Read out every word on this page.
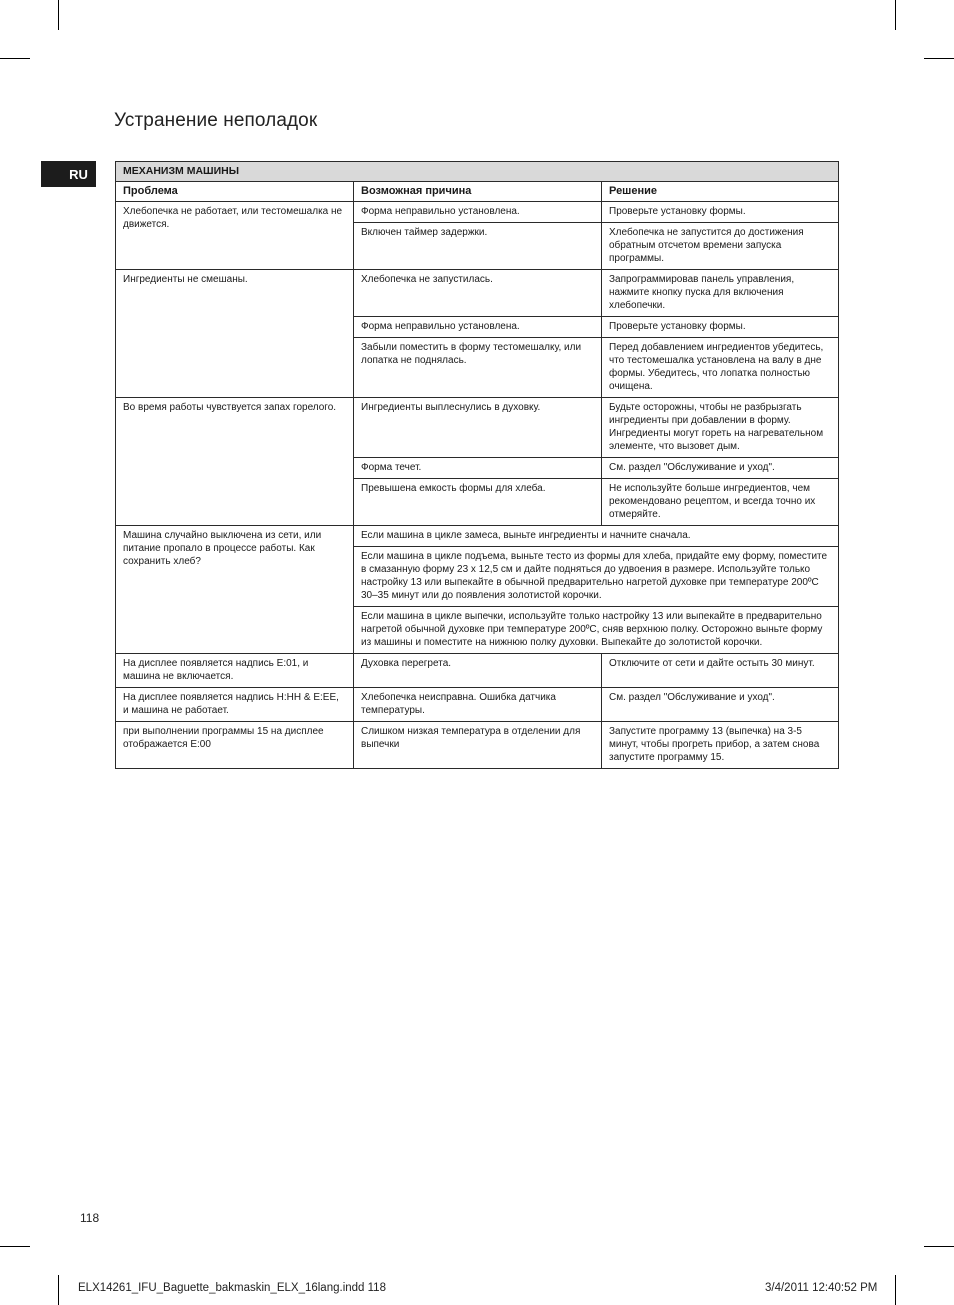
Устранение неполадок
RU	МЕХАНИЗМ МАШИНЫ		
Проблема	Возможная причина	Решение
Хлебопечка не работает, или тестомешалка не движется.	Форма неправильно установлена.	Проверьте установку формы.
	Включен таймер задержки.	Хлебопечка не запустится до достижения обратным отсчетом времени запуска программы.
Ингредиенты не смешаны.	Хлебопечка не запустилась.	Запрограммировав панель управления, нажмите кнопку пуска для включения хлебопечки.
	Форма неправильно установлена.	Проверьте установку формы.
	Забыли поместить в форму тестомешалку, или лопатка не поднялась.	Перед добавлением ингредиентов убедитесь, что тестомешалка установлена на валу в дне формы. Убедитесь, что лопатка полностью очищена.
Во время работы чувствуется запах горелого.	Ингредиенты выплеснулись в духовку.	Будьте осторожны, чтобы не разбрызгать ингредиенты при добавлении в форму. Ингредиенты могут гореть на нагревательном элементе, что вызовет дым.
	Форма течет.	См. раздел "Обслуживание и уход".
	Превышена емкость формы для хлеба.	Не используйте больше ингредиентов, чем рекомендовано рецептом, и всегда точно их отмеряйте.
Машина случайно выключена из сети, или питание пропало в процессе работы. Как сохранить хлеб?	Если машина в цикле замеса, выньте ингредиенты и начните сначала.	
	Если машина в цикле подъема, выньте тесто из формы для хлеба, придайте ему форму, поместите в смазанную форму 23 x 12,5 см и дайте подняться до удвоения в размере. Используйте только настройку 13 или выпекайте в обычной предварительно нагретой духовке при температуре 200ºC 30–35 минут или до появления золотистой корочки.	
	Если машина в цикле выпечки, используйте только настройку 13 или выпекайте в предварительно нагретой обычной духовке при температуре 200ºC, сняв верхнюю полку. Осторожно выньте форму из машины и поместите на нижнюю полку духовки. Выпекайте до золотистой корочки.	
На дисплее появляется надпись E:01, и машина не включается.	Духовка перегрета.	Отключите от сети и дайте остыть 30 минут.
На дисплее появляется надпись H:HH & E:EE, и машина не работает.	Хлебопечка неисправна. Ошибка датчика температуры.	См. раздел "Обслуживание и уход".
при выполнении программы 15 на дисплее отображается E:00	Слишком низкая температура в отделении для выпечки	Запустите программу 13 (выпечка) на 3-5 минут, чтобы прогреть прибор, а затем снова запустите программу 15.
118
ELX14261_IFU_Baguette_bakmaskin_ELX_16lang.indd 118	3/4/2011 12:40:52 PM
